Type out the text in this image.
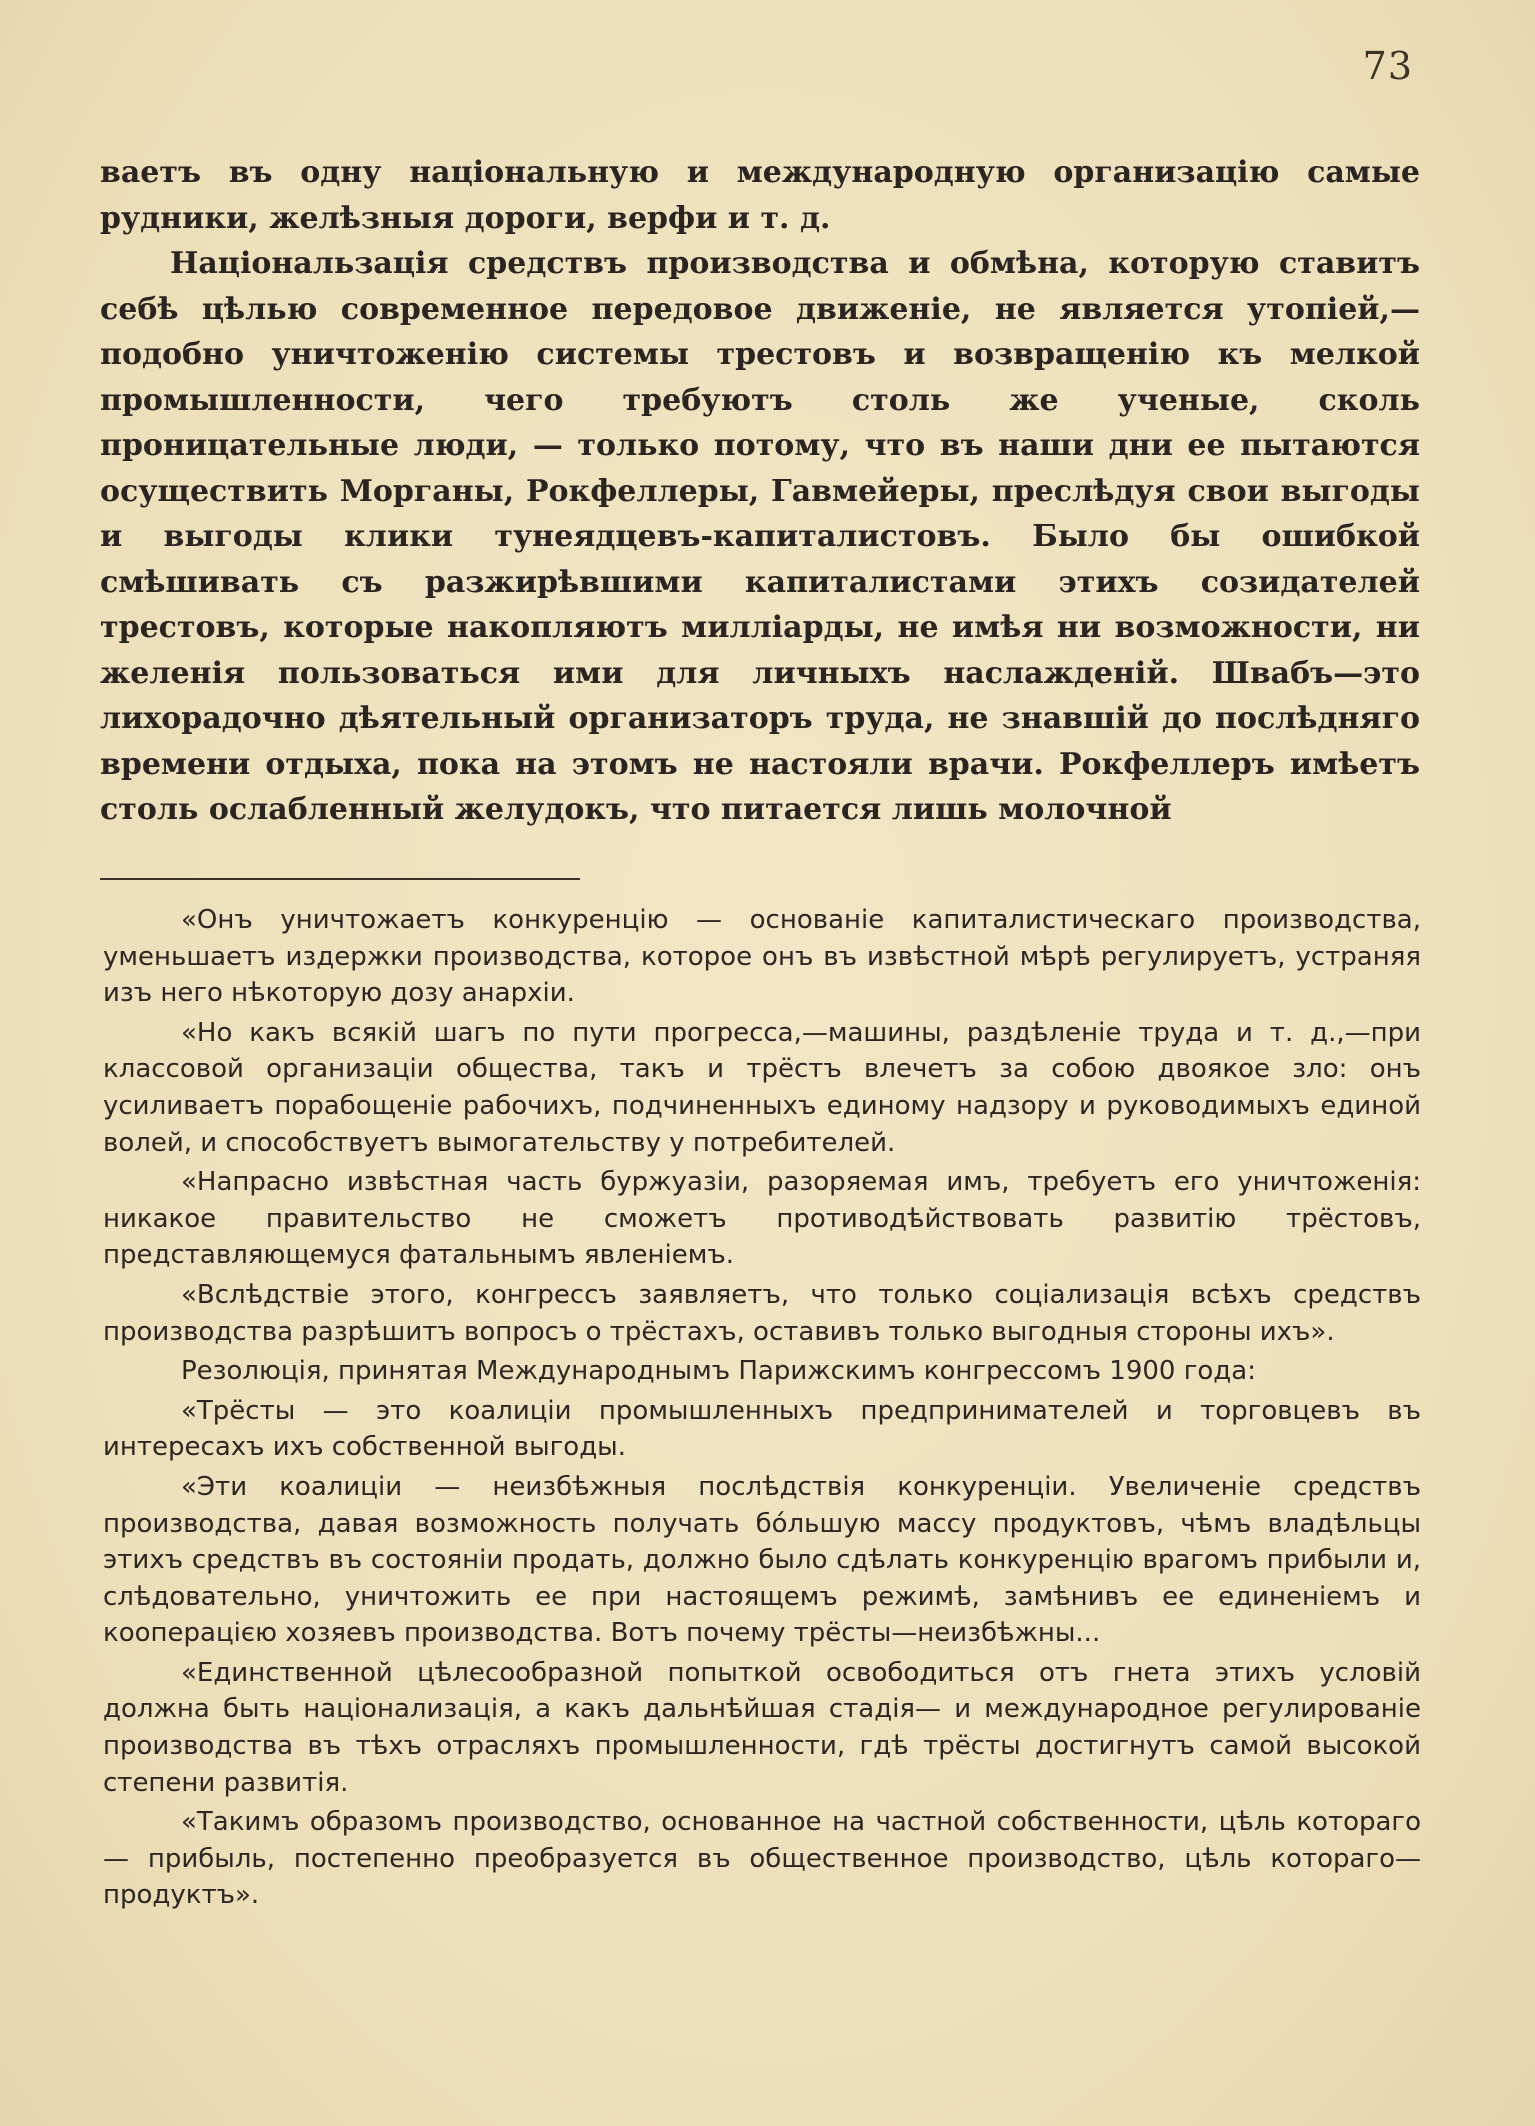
73

ваетъ въ одну національную и международную организацію самые рудники, желѣзныя дороги, верфи и т. д.

Національзація средствъ производства и обмѣна, которую ставитъ себѣ цѣлью современное передовое движеніе, не является утопіей,— подобно уничтоженію системы трестовъ и возвращенію къ мелкой промышленности, чего требуютъ столь же ученые, сколь проницательные люди, — только потому, что въ наши дни ее пытаются осуществить Морганы, Рокфеллеры, Гавмейеры, преслѣдуя свои выгоды и выгоды клики тунеядцевъ-капиталистовъ. Было бы ошибкой смѣшивать съ разжирѣвшими капиталистами этихъ созидателей трестовъ, которые накопляютъ милліарды, не имѣя ни возможности, ни желенія пользоваться ими для личныхъ наслажденій. Швабъ—это лихорадочно дѣятельный организаторъ труда, не знавшій до послѣдняго времени отдыха, пока на этомъ не настояли врачи. Рокфеллеръ имѣетъ столь ослабленный желудокъ, что питается лишь молочной

«Онъ уничтожаетъ конкуренцію — основаніе капиталистическаго производства, уменьшаетъ издержки производства, которое онъ въ извѣстной мѣрѣ регулируетъ, устраняя изъ него нѣкоторую дозу анархіи.

«Но какъ всякій шагъ по пути прогресса,—машины, раздѣленіе труда и т. д.,—при классовой организаціи общества, такъ и трёстъ влечетъ за собою двоякое зло: онъ усиливаетъ порабощеніе рабочихъ, подчиненныхъ единому надзору и руководимыхъ единой волей, и способствуетъ вымогательству у потребителей.

«Напрасно извѣстная часть буржуазіи, разоряемая имъ, требуетъ его уничтоженія: никакое правительство не сможетъ противодѣйствовать развитію трёстовъ, представляющемуся фатальнымъ явленіемъ.

«Вслѣдствіе этого, конгрессъ заявляетъ, что только соціализація всѣхъ средствъ производства разрѣшитъ вопросъ о трёстахъ, оставивъ только выгодныя стороны ихъ».

Резолюція, принятая Международнымъ Парижскимъ конгрессомъ 1900 года:

«Трёсты — это коалиціи промышленныхъ предпринимателей и торговцевъ въ интересахъ ихъ собственной выгоды.

«Эти коалиціи — неизбѣжныя послѣдствія конкуренціи. Увеличеніе средствъ производства, давая возможность получать бóльшую массу продуктовъ, чѣмъ владѣльцы этихъ средствъ въ состояніи продать, должно было сдѣлать конкуренцію врагомъ прибыли и, слѣдовательно, уничтожить ее при настоящемъ режимѣ, замѣнивъ ее единеніемъ и кооперацією хозяевъ производства. Вотъ почему трёсты—неизбѣжны...

«Единственной цѣлесообразной попыткой освободиться отъ гнета этихъ условій должна быть націонализація, а какъ дальнѣйшая стадія— и международное регулированіе производства въ тѣхъ отрасляхъ промышленности, гдѣ трёсты достигнутъ самой высокой степени развитія.

«Такимъ образомъ производство, основанное на частной собственности, цѣль котораго — прибыль, постепенно преобразуется въ общественное производство, цѣль котораго—продуктъ».
